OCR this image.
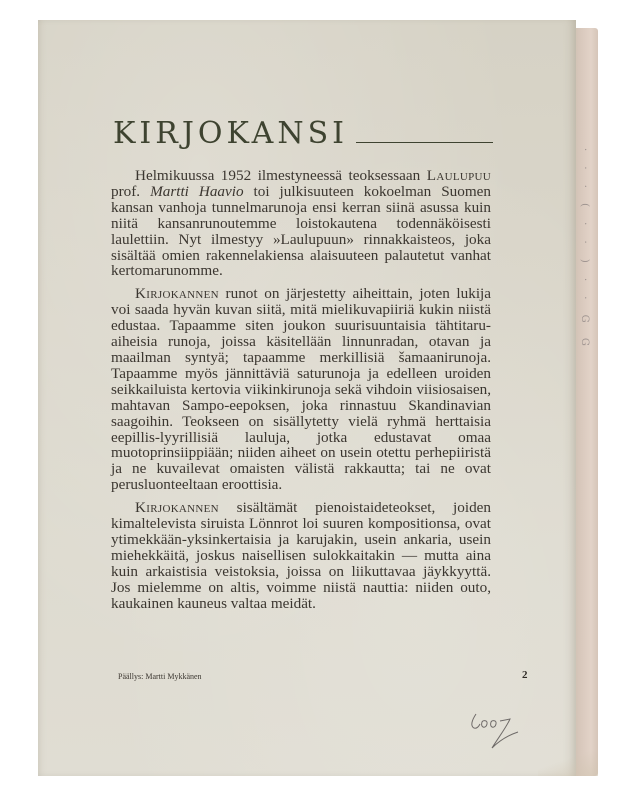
· · · ( · · ) · · G G
KIRJOKANSI

Helmikuussa 1952 ilmestyneessä teoksessaan Laulupuu prof. Martti Haavio toi julkisuuteen kokoelman Suomen kansan vanhoja tunnelmarunoja ensi kerran siinä asussa kuin niitä kansanrunoutemme loistokautena todennäköisesti laulettiin. Nyt ilmestyy »Laulupuun» rinnakkaisteos, joka sisältää omien rakennelakiensa alaisuuteen palautetut vanhat kertomarunomme.

Kirjokannen runot on järjestetty aiheittain, joten lukija voi saada hyvän kuvan siitä, mitä mielikuvapiiriä kukin niistä edustaa. Tapaamme siten joukon suurisuuntaisia tähtitaru-aiheisia runoja, joissa käsitellään linnunradan, otavan ja maailman syntyä; tapaamme merkillisiä šamaanirunoja. Tapaamme myös jännittäviä saturunoja ja edelleen uroiden seikkailuista kertovia viikinkirunoja sekä vihdoin viisiosaisen, mahtavan Sampo-eepoksen, joka rinnastuu Skandinavian saagoihin. Teokseen on sisällytetty vielä ryhmä herttaisia eepillis-lyyrillisiä lauluja, jotka edustavat omaa muotoprinsiippiään; niiden aiheet on usein otettu perhepiiristä ja ne kuvailevat omaisten välistä rakkautta; tai ne ovat perusluonteeltaan eroottisia.

Kirjokannen sisältämät pienoistaideteokset, joiden kimaltelevista siruista Lönnrot loi suuren kompositionsa, ovat ytimekkään-yksinkertaisia ja karujakin, usein ankaria, usein miehekkäitä, joskus naisellisen sulokkaitakin — mutta aina kuin arkaistisia veistoksia, joissa on liikuttavaa jäykkyyttä. Jos mielemme on altis, voimme niistä nauttia: niiden outo, kaukainen kauneus valtaa meidät.

Päällys: Martti Mykkänen	2
